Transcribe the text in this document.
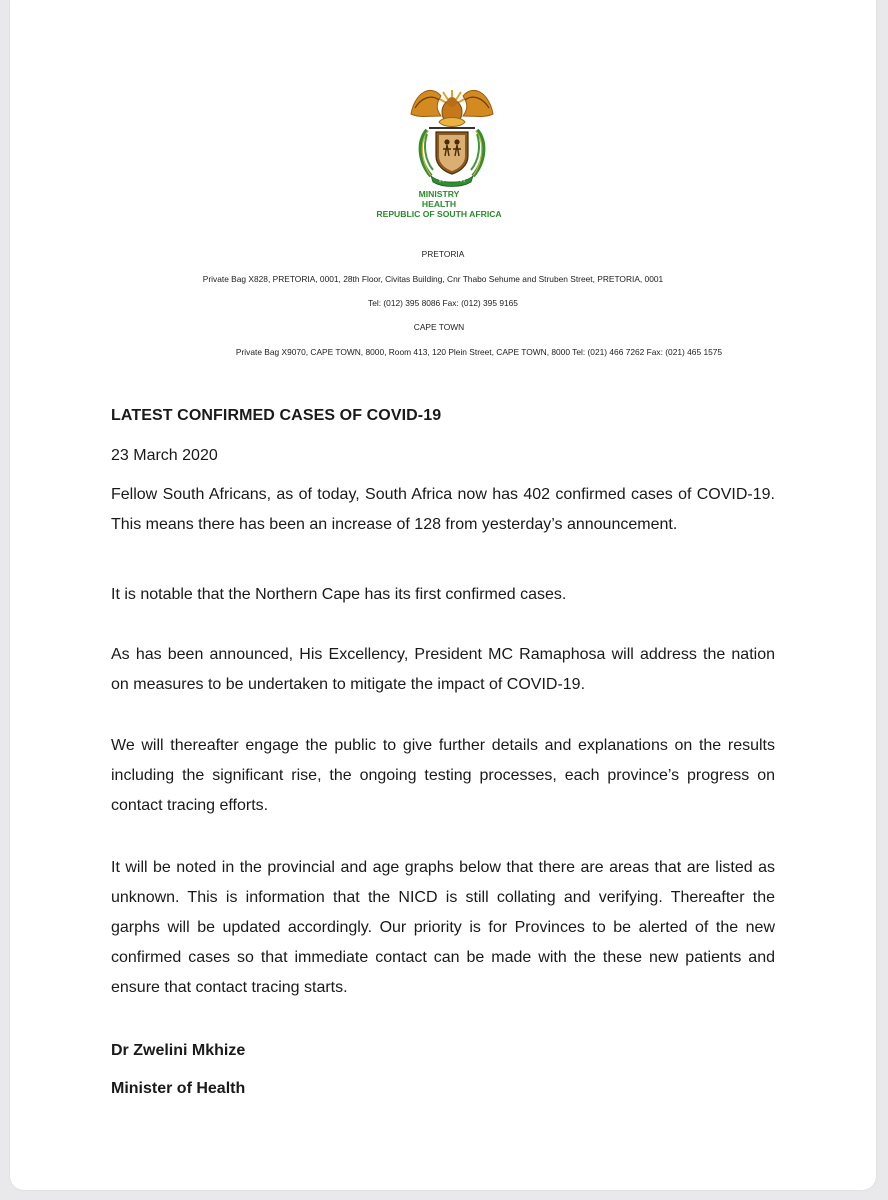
MINISTRY
HEALTH
REPUBLIC OF SOUTH AFRICA
PRETORIA
Private Bag X828, PRETORIA, 0001, 28th Floor, Civitas Building, Cnr Thabo Sehume and Struben Street, PRETORIA, 0001
Tel: (012) 395 8086 Fax: (012) 395 9165
CAPE TOWN
Private Bag X9070, CAPE TOWN, 8000, Room 413, 120 Plein Street, CAPE TOWN, 8000 Tel: (021) 466 7262 Fax: (021) 465 1575
LATEST CONFIRMED CASES OF COVID-19
23 March 2020
Fellow South Africans, as of today, South Africa now has 402 confirmed cases of COVID-19. This means there has been an increase of 128 from yesterday’s announcement.
It is notable that the Northern Cape has its first confirmed cases.
As has been announced, His Excellency, President MC Ramaphosa will address the nation on measures to be undertaken to mitigate the impact of COVID-19.
We will thereafter engage the public to give further details and explanations on the results including the significant rise, the ongoing testing processes, each province’s progress on contact tracing efforts.
It will be noted in the provincial and age graphs below that there are areas that are listed as unknown. This is information that the NICD is still collating and verifying. Thereafter the garphs will be updated accordingly. Our priority is for Provinces to be alerted of the new confirmed cases so that immediate contact can be made with the these new patients and ensure that contact tracing starts.
Dr Zwelini Mkhize
Minister of Health
